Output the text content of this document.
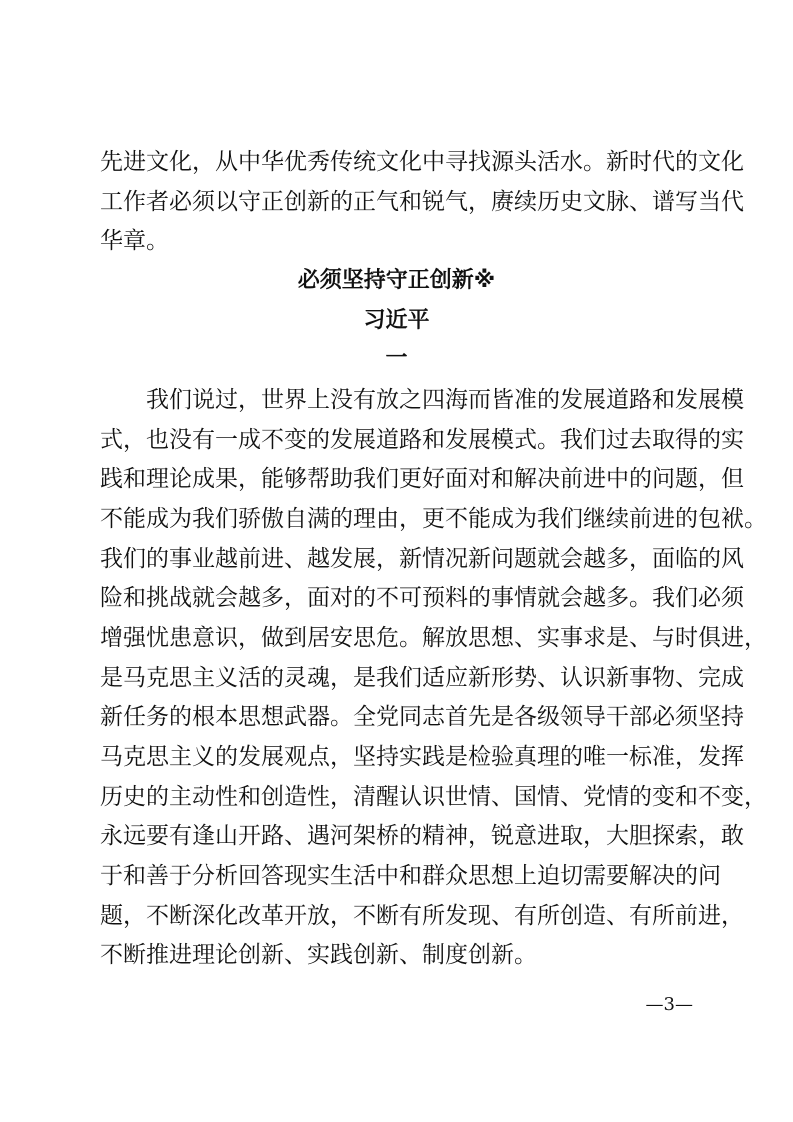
先进文化，从中华优秀传统文化中寻找源头活水。新时代的文化
工作者必须以守正创新的正气和锐气，赓续历史文脉、谱写当代
华章。
必须坚持守正创新※
习近平
一
我们说过，世界上没有放之四海而皆准的发展道路和发展模
式，也没有一成不变的发展道路和发展模式。我们过去取得的实
践和理论成果，能够帮助我们更好面对和解决前进中的问题，但
不能成为我们骄傲自满的理由，更不能成为我们继续前进的包袱。
我们的事业越前进、越发展，新情况新问题就会越多，面临的风
险和挑战就会越多，面对的不可预料的事情就会越多。我们必须
增强忧患意识，做到居安思危。解放思想、实事求是、与时俱进，
是马克思主义活的灵魂，是我们适应新形势、认识新事物、完成
新任务的根本思想武器。全党同志首先是各级领导干部必须坚持
马克思主义的发展观点，坚持实践是检验真理的唯一标准，发挥
历史的主动性和创造性，清醒认识世情、国情、党情的变和不变，
永远要有逢山开路、遇河架桥的精神，锐意进取，大胆探索，敢
于和善于分析回答现实生活中和群众思想上迫切需要解决的问
题，不断深化改革开放，不断有所发现、有所创造、有所前进，
不断推进理论创新、实践创新、制度创新。
—3—
